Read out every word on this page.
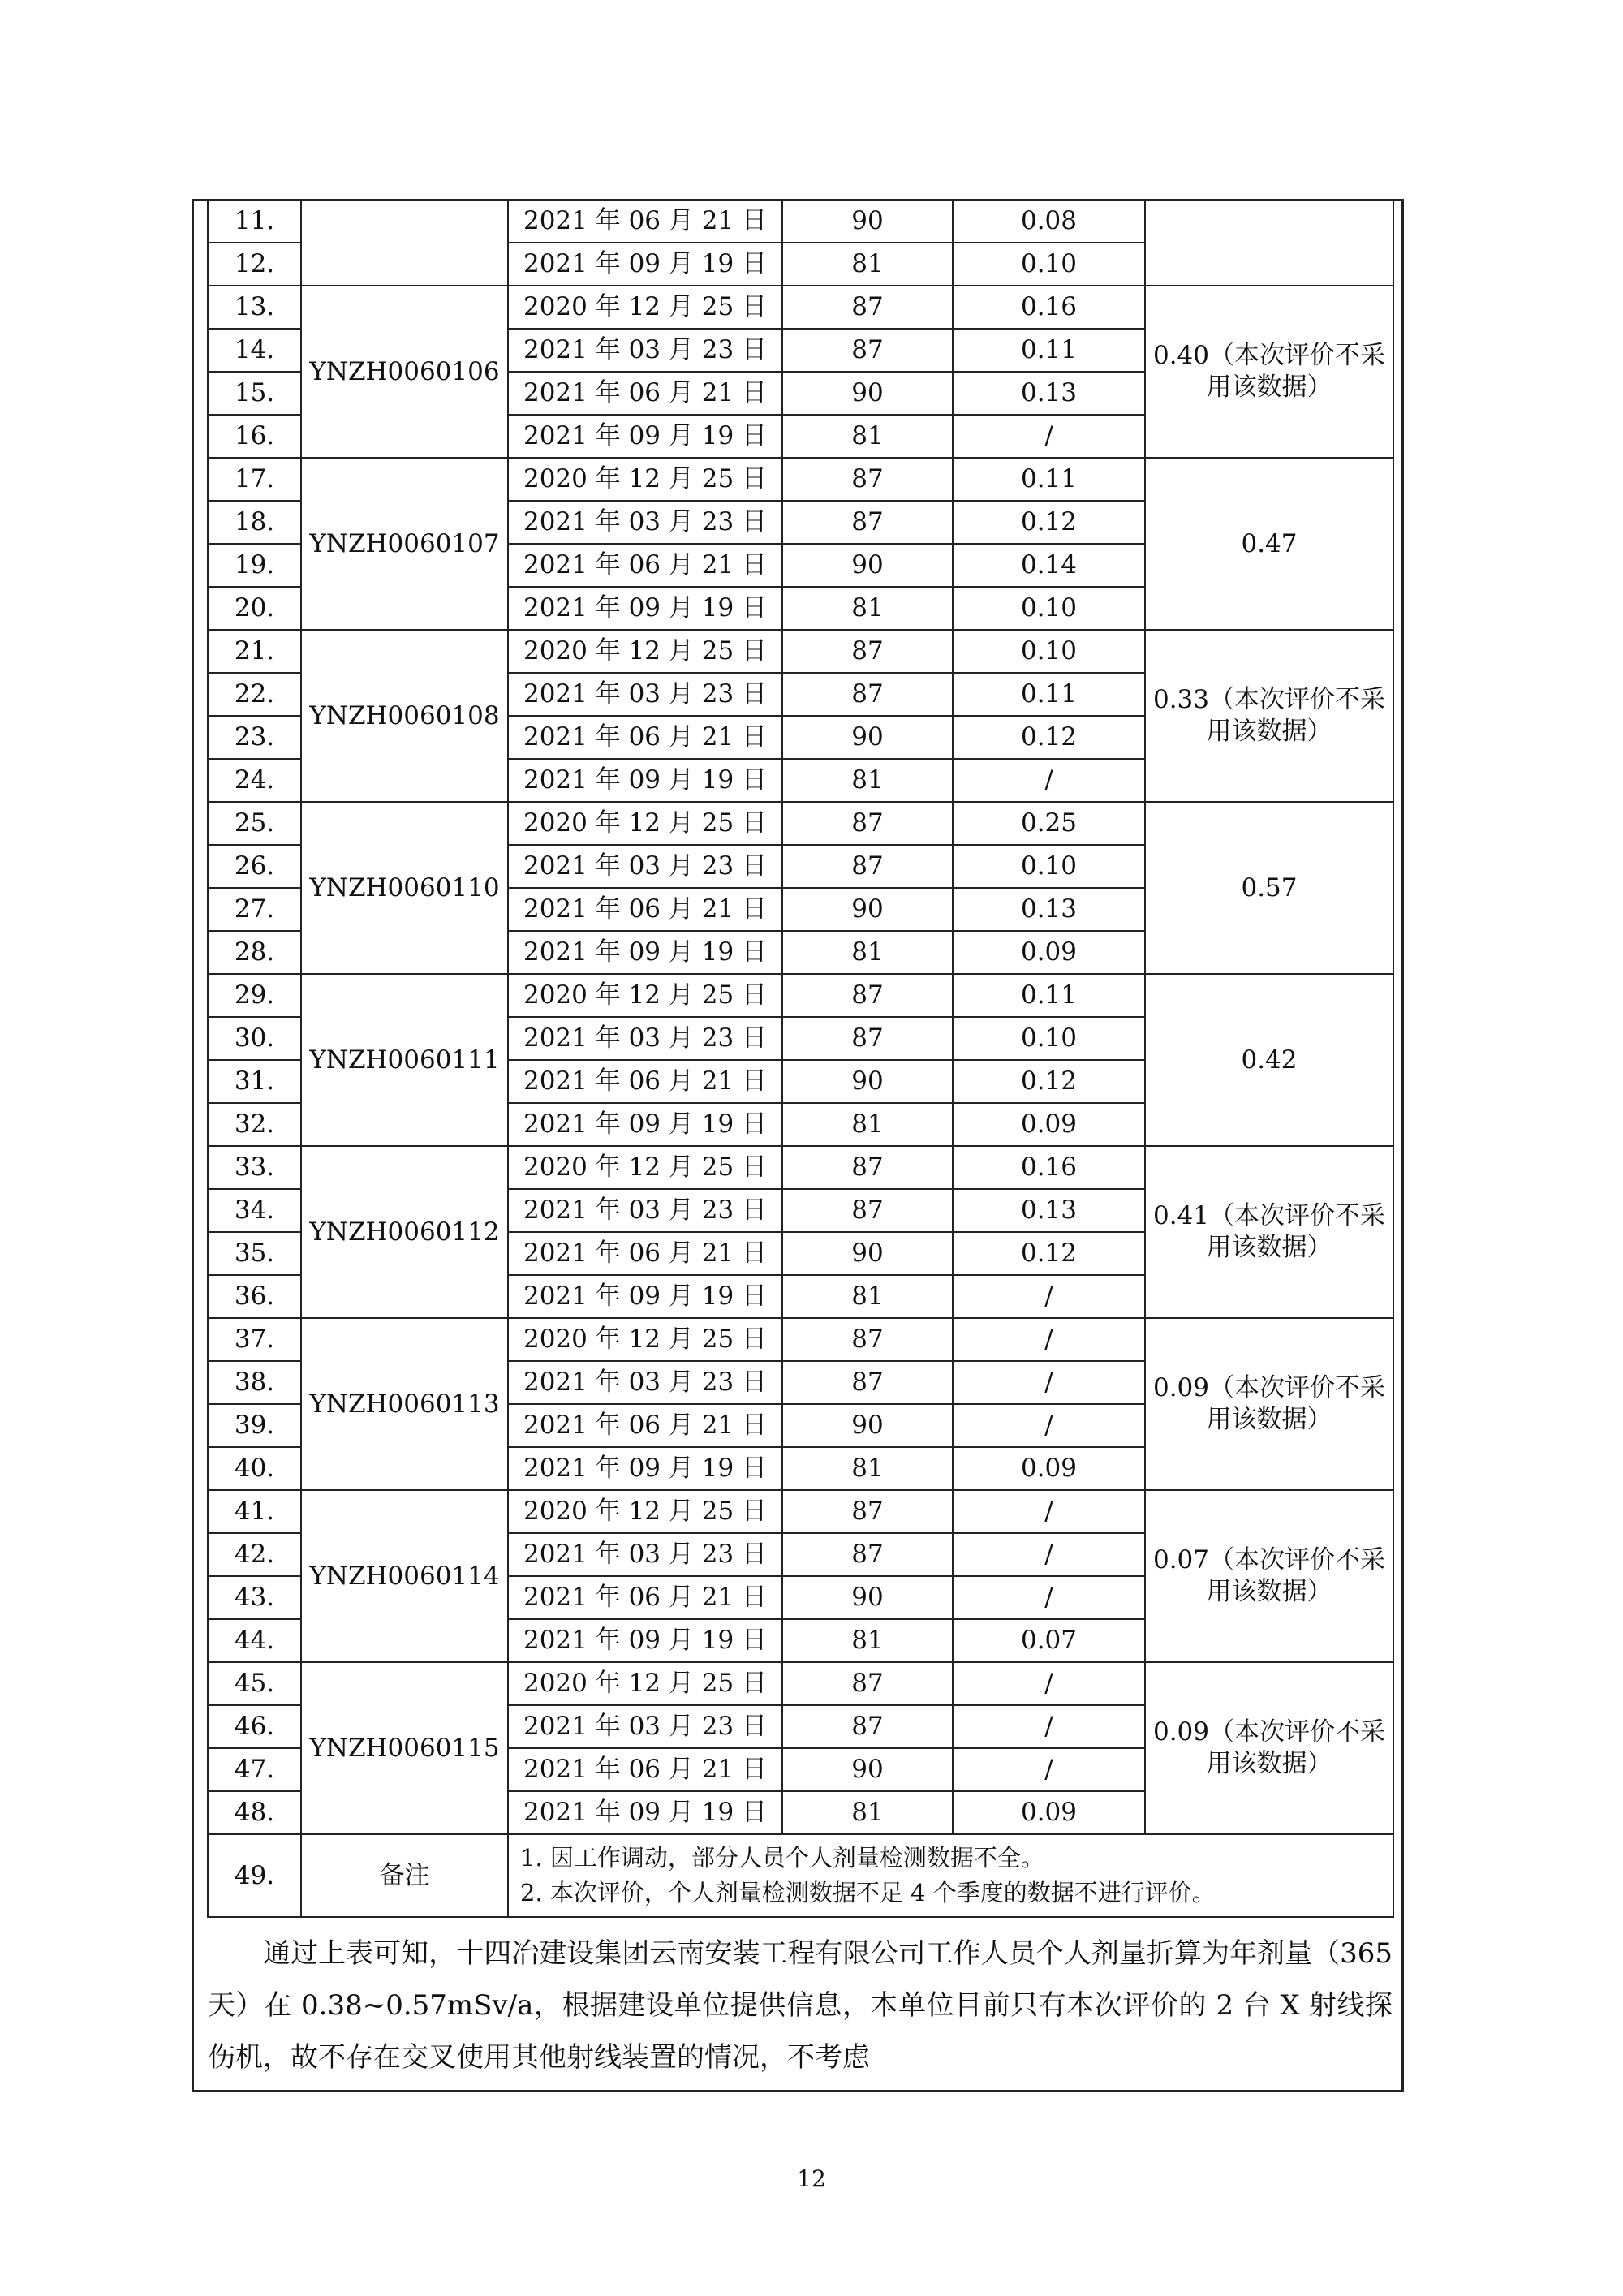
11.		2021 年 06 月 21 日	90	0.08	
12.		2021 年 09 月 19 日	81	0.10	
13.	YNZH0060106	2020 年 12 月 25 日	87	0.16	0.40（本次评价不采用该数据）
14.		2021 年 03 月 23 日	87	0.11	
15.		2021 年 06 月 21 日	90	0.13	
16.		2021 年 09 月 19 日	81	/	
17.	YNZH0060107	2020 年 12 月 25 日	87	0.11	0.47
18.		2021 年 03 月 23 日	87	0.12	
19.		2021 年 06 月 21 日	90	0.14	
20.		2021 年 09 月 19 日	81	0.10	
21.	YNZH0060108	2020 年 12 月 25 日	87	0.10	0.33（本次评价不采用该数据）
22.		2021 年 03 月 23 日	87	0.11	
23.		2021 年 06 月 21 日	90	0.12	
24.		2021 年 09 月 19 日	81	/	
25.	YNZH0060110	2020 年 12 月 25 日	87	0.25	0.57
26.		2021 年 03 月 23 日	87	0.10	
27.		2021 年 06 月 21 日	90	0.13	
28.		2021 年 09 月 19 日	81	0.09	
29.	YNZH0060111	2020 年 12 月 25 日	87	0.11	0.42
30.		2021 年 03 月 23 日	87	0.10	
31.		2021 年 06 月 21 日	90	0.12	
32.		2021 年 09 月 19 日	81	0.09	
33.	YNZH0060112	2020 年 12 月 25 日	87	0.16	0.41（本次评价不采用该数据）
34.		2021 年 03 月 23 日	87	0.13	
35.		2021 年 06 月 21 日	90	0.12	
36.		2021 年 09 月 19 日	81	/	
37.	YNZH0060113	2020 年 12 月 25 日	87	/	0.09（本次评价不采用该数据）
38.		2021 年 03 月 23 日	87	/	
39.		2021 年 06 月 21 日	90	/	
40.		2021 年 09 月 19 日	81	0.09	
41.	YNZH0060114	2020 年 12 月 25 日	87	/	0.07（本次评价不采用该数据）
42.		2021 年 03 月 23 日	87	/	
43.		2021 年 06 月 21 日	90	/	
44.		2021 年 09 月 19 日	81	0.07	
45.	YNZH0060115	2020 年 12 月 25 日	87	/	0.09（本次评价不采用该数据）
46.		2021 年 03 月 23 日	87	/	
47.		2021 年 06 月 21 日	90	/	
48.		2021 年 09 月 19 日	81	0.09	
49.	备注	1. 因工作调动，部分人员个人剂量检测数据不全。
2. 本次评价，个人剂量检测数据不足 4 个季度的数据不进行评价。			

通过上表可知，十四冶建设集团云南安装工程有限公司工作人员个人剂量折算为年剂量（365 天）在 0.38~0.57mSv/a，根据建设单位提供信息，本单位目前只有本次评价的 2 台 X 射线探伤机，故不存在交叉使用其他射线装置的情况，不考虑

12
